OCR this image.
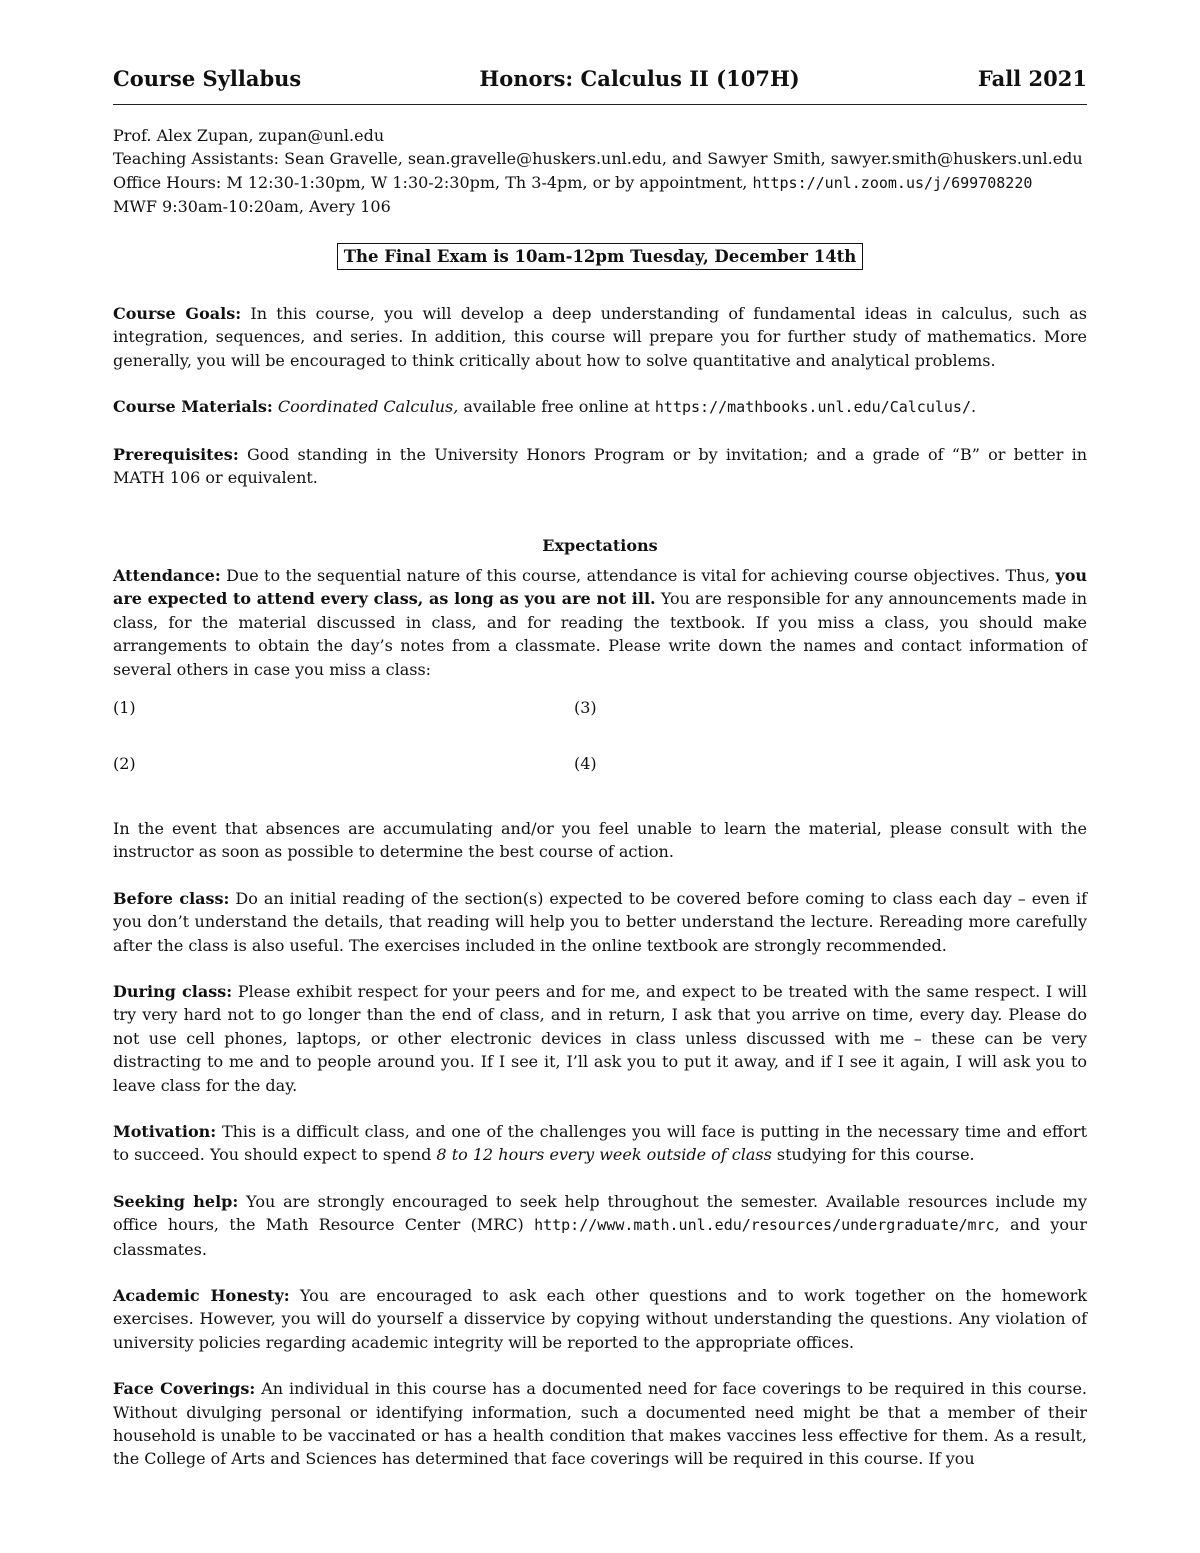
Course Syllabus	Honors: Calculus II (107H)	Fall 2021

Prof. Alex Zupan, zupan@unl.edu

Teaching Assistants: Sean Gravelle, sean.gravelle@huskers.unl.edu, and Sawyer Smith, sawyer.smith@huskers.unl.edu

Office Hours: M 12:30-1:30pm, W 1:30-2:30pm, Th 3-4pm, or by appointment, https://unl.zoom.us/j/699708220

MWF 9:30am-10:20am, Avery 106

The Final Exam is 10am-12pm Tuesday, December 14th

Course Goals: In this course, you will develop a deep understanding of fundamental ideas in calculus, such as integration, sequences, and series. In addition, this course will prepare you for further study of mathematics. More generally, you will be encouraged to think critically about how to solve quantitative and analytical problems.

Course Materials: Coordinated Calculus, available free online at https://mathbooks.unl.edu/Calculus/.

Prerequisites: Good standing in the University Honors Program or by invitation; and a grade of “B” or better in MATH 106 or equivalent.

Expectations

Attendance: Due to the sequential nature of this course, attendance is vital for achieving course objectives. Thus, you are expected to attend every class, as long as you are not ill. You are responsible for any announcements made in class, for the material discussed in class, and for reading the textbook. If you miss a class, you should make arrangements to obtain the day’s notes from a classmate. Please write down the names and contact information of several others in case you miss a class:

(1)
(2)
(3)
(4)

In the event that absences are accumulating and/or you feel unable to learn the material, please consult with the instructor as soon as possible to determine the best course of action.

Before class: Do an initial reading of the section(s) expected to be covered before coming to class each day – even if you don’t understand the details, that reading will help you to better understand the lecture. Rereading more carefully after the class is also useful. The exercises included in the online textbook are strongly recommended.

During class: Please exhibit respect for your peers and for me, and expect to be treated with the same respect. I will try very hard not to go longer than the end of class, and in return, I ask that you arrive on time, every day. Please do not use cell phones, laptops, or other electronic devices in class unless discussed with me – these can be very distracting to me and to people around you. If I see it, I’ll ask you to put it away, and if I see it again, I will ask you to leave class for the day.

Motivation: This is a difficult class, and one of the challenges you will face is putting in the necessary time and effort to succeed. You should expect to spend 8 to 12 hours every week outside of class studying for this course.

Seeking help: You are strongly encouraged to seek help throughout the semester. Available resources include my office hours, the Math Resource Center (MRC) http://www.math.unl.edu/resources/undergraduate/mrc, and your classmates.

Academic Honesty: You are encouraged to ask each other questions and to work together on the homework exercises. However, you will do yourself a disservice by copying without understanding the questions. Any violation of university policies regarding academic integrity will be reported to the appropriate offices.

Face Coverings: An individual in this course has a documented need for face coverings to be required in this course. Without divulging personal or identifying information, such a documented need might be that a member of their household is unable to be vaccinated or has a health condition that makes vaccines less effective for them. As a result, the College of Arts and Sciences has determined that face coverings will be required in this course. If you
